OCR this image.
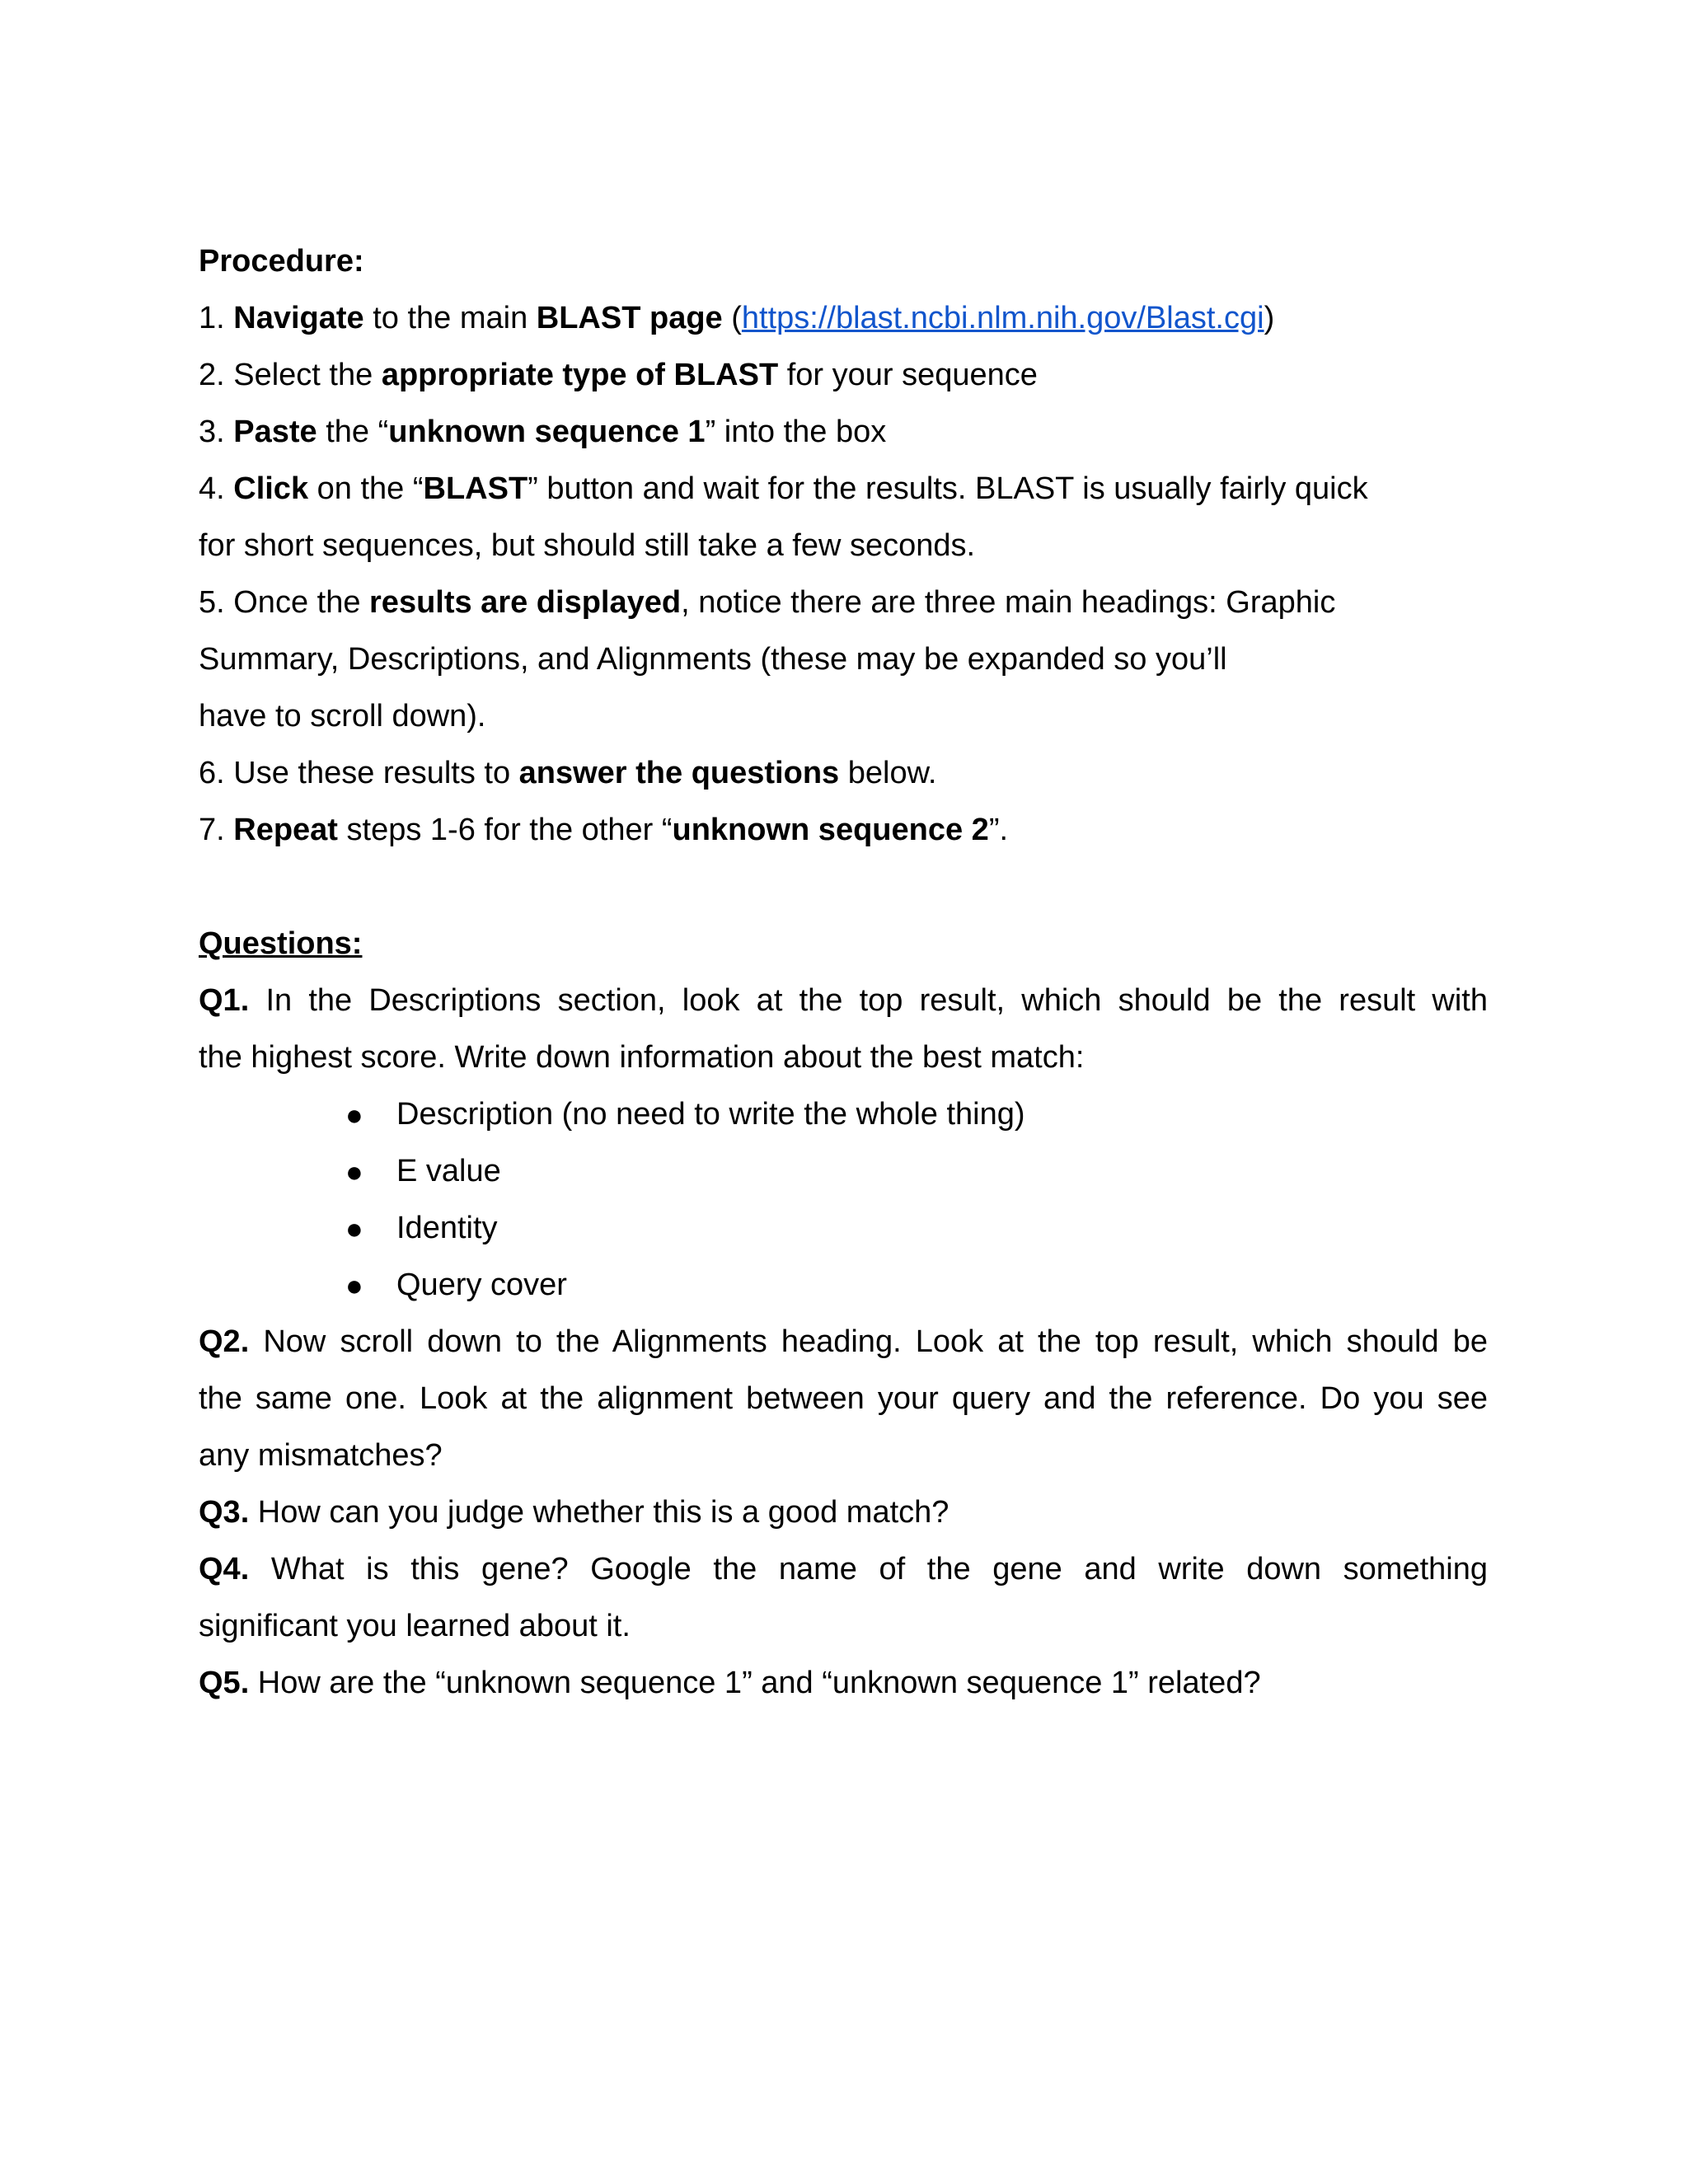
Procedure:
1. Navigate to the main BLAST page (https://blast.ncbi.nlm.nih.gov/Blast.cgi)
2. Select the appropriate type of BLAST for your sequence
3. Paste the “unknown sequence 1” into the box
4. Click on the “BLAST” button and wait for the results. BLAST is usually fairly quick
for short sequences, but should still take a few seconds.
5. Once the results are displayed, notice there are three main headings: Graphic
Summary, Descriptions, and Alignments (these may be expanded so you’ll
have to scroll down).
6. Use these results to answer the questions below.
7. Repeat steps 1-6 for the other “unknown sequence 2”.
Questions:
Q1. In the Descriptions section, look at the top result, which should be the result with
the highest score. Write down information about the best match:
●	Description (no need to write the whole thing)
●	E value
●	Identity
●	Query cover
Q2. Now scroll down to the Alignments heading. Look at the top result, which should be
the same one. Look at the alignment between your query and the reference. Do you see
any mismatches?
Q3. How can you judge whether this is a good match?
Q4. What is this gene? Google the name of the gene and write down something
significant you learned about it.
Q5. How are the “unknown sequence 1” and “unknown sequence 1” related?
